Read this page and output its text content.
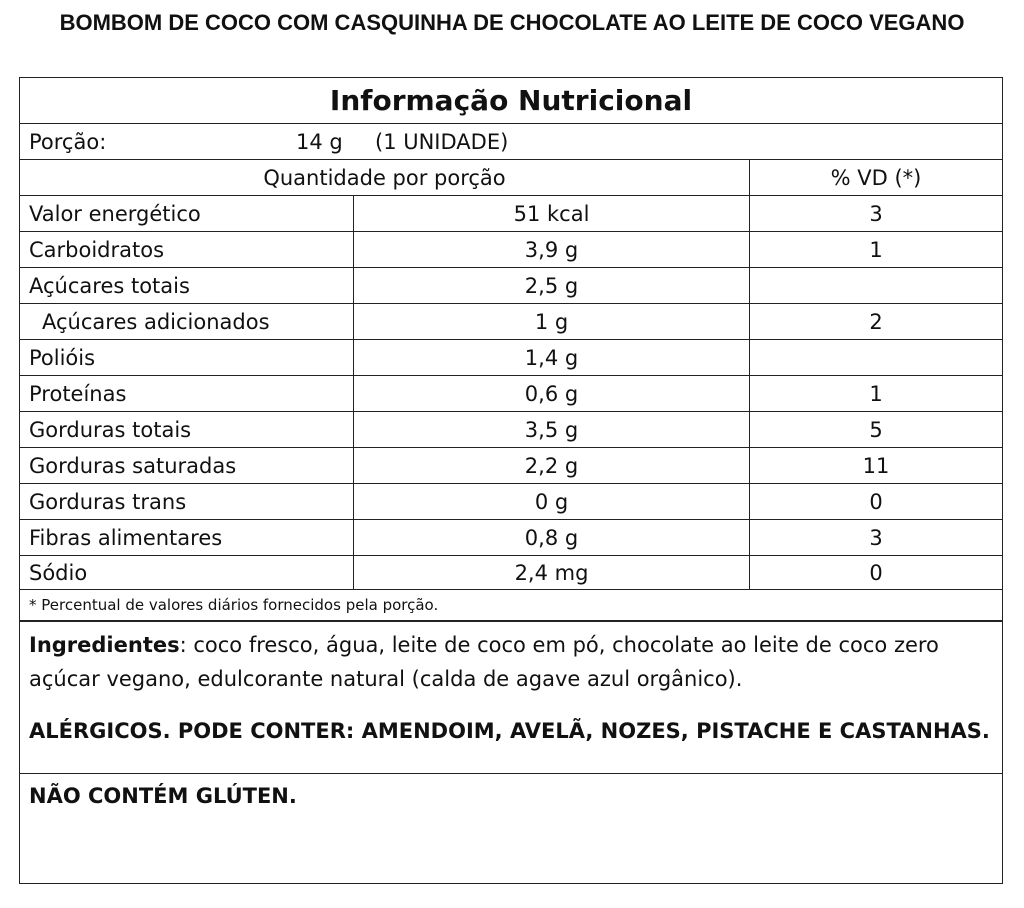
BOMBOM DE COCO COM CASQUINHA DE CHOCOLATE AO LEITE DE COCO VEGANO
Informação Nutricional
Porção:	14 g (1 UNIDADE)
Quantidade por porção	% VD (*)
Valor energético	51 kcal	3
Carboidratos	3,9 g	1
Açúcares totais	2,5 g
Açúcares adicionados	1 g	2
Polióis	1,4 g
Proteínas	0,6 g	1
Gorduras totais	3,5 g	5
Gorduras saturadas	2,2 g	11
Gorduras trans	0 g	0
Fibras alimentares	0,8 g	3
Sódio	2,4 mg	0
* Percentual de valores diários fornecidos pela porção.

Ingredientes: coco fresco, água, leite de coco em pó, chocolate ao leite de coco zero açúcar vegano, edulcorante natural (calda de agave azul orgânico).

ALÉRGICOS. PODE CONTER: AMENDOIM, AVELÃ, NOZES, PISTACHE E CASTANHAS.

NÃO CONTÉM GLÚTEN.
